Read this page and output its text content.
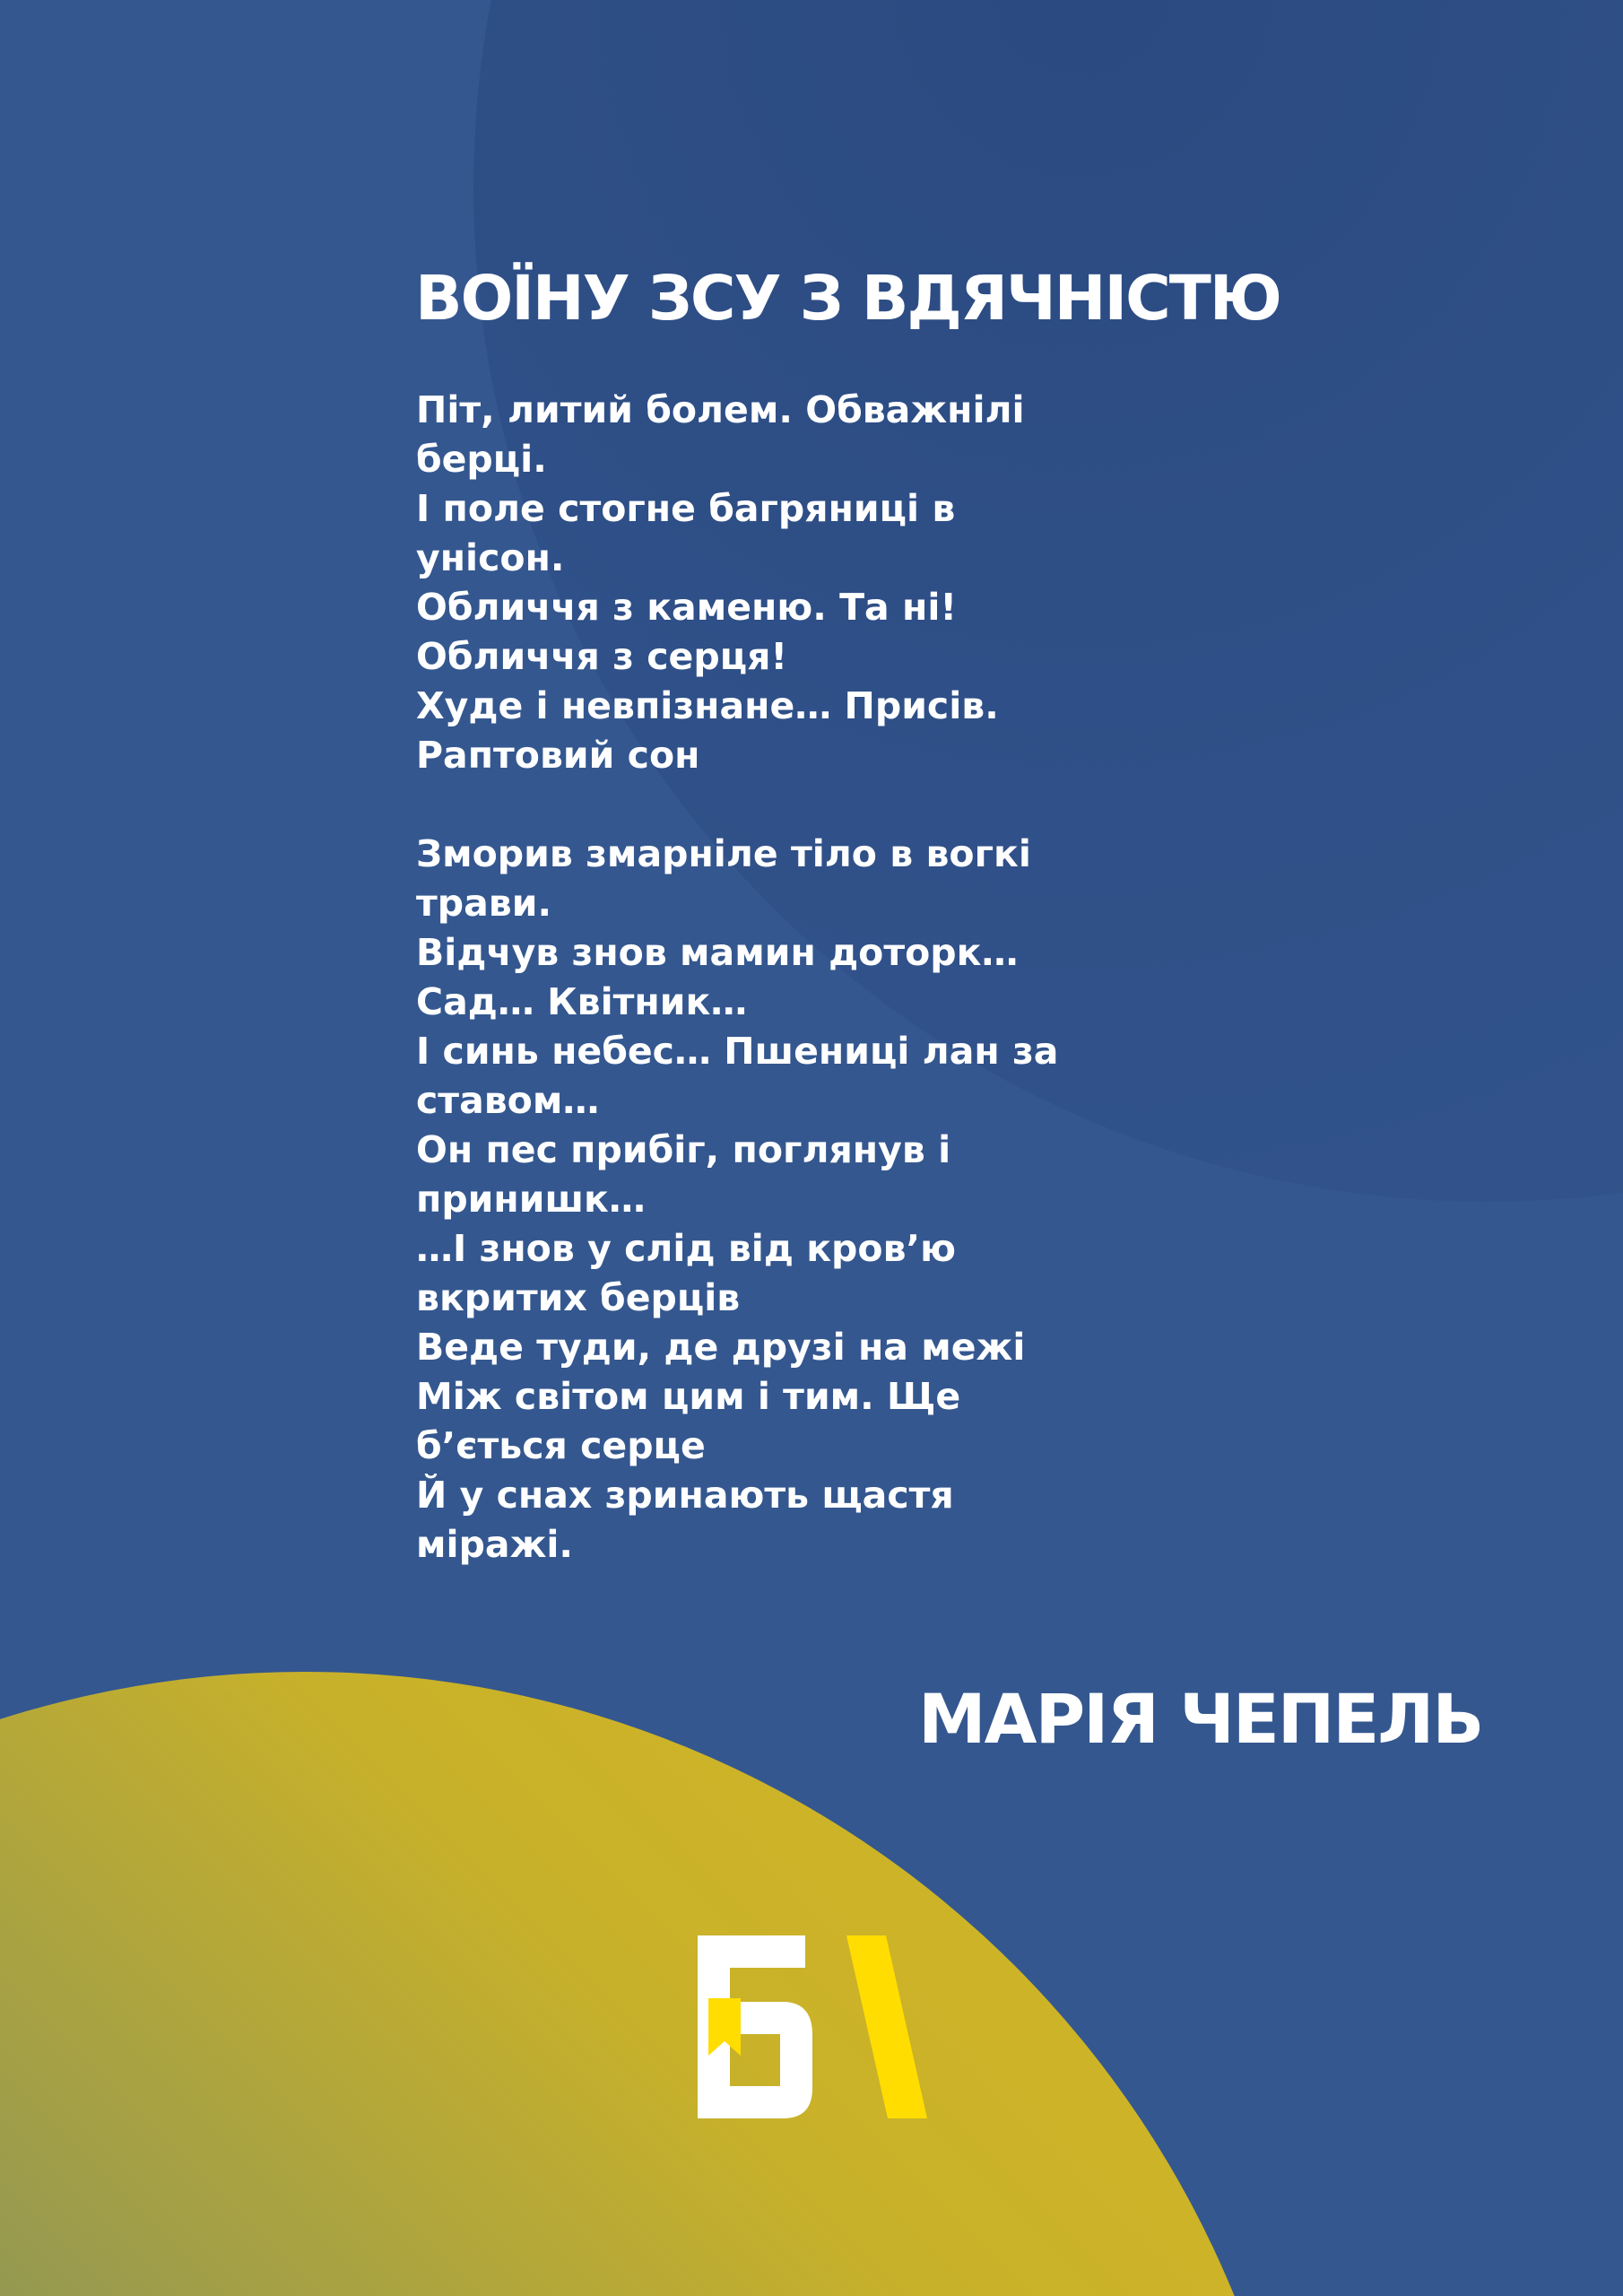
ВОЇНУ ЗСУ З ВДЯЧНІСТЮ
Піт, литий болем. Обважнілі
берці.
І поле стогне багряниці в
унісон.
Обличчя з каменю. Та ні!
Обличчя з серця!
Худе і невпізнане… Присів.
Раптовий сон
Зморив змарніле тіло в вогкі
трави.
Відчув знов мамин доторк…
Сад… Квітник…
І синь небес… Пшениці лан за
ставом…
Он пес прибіг, поглянув і
принишк…
…І знов у слід від кров’ю
вкритих берців
Веде туди, де друзі на межі
Між світом цим і тим. Ще
б’ється серце
Й у снах зринають щастя
міражі.
МАРІЯ ЧЕПЕЛЬ
